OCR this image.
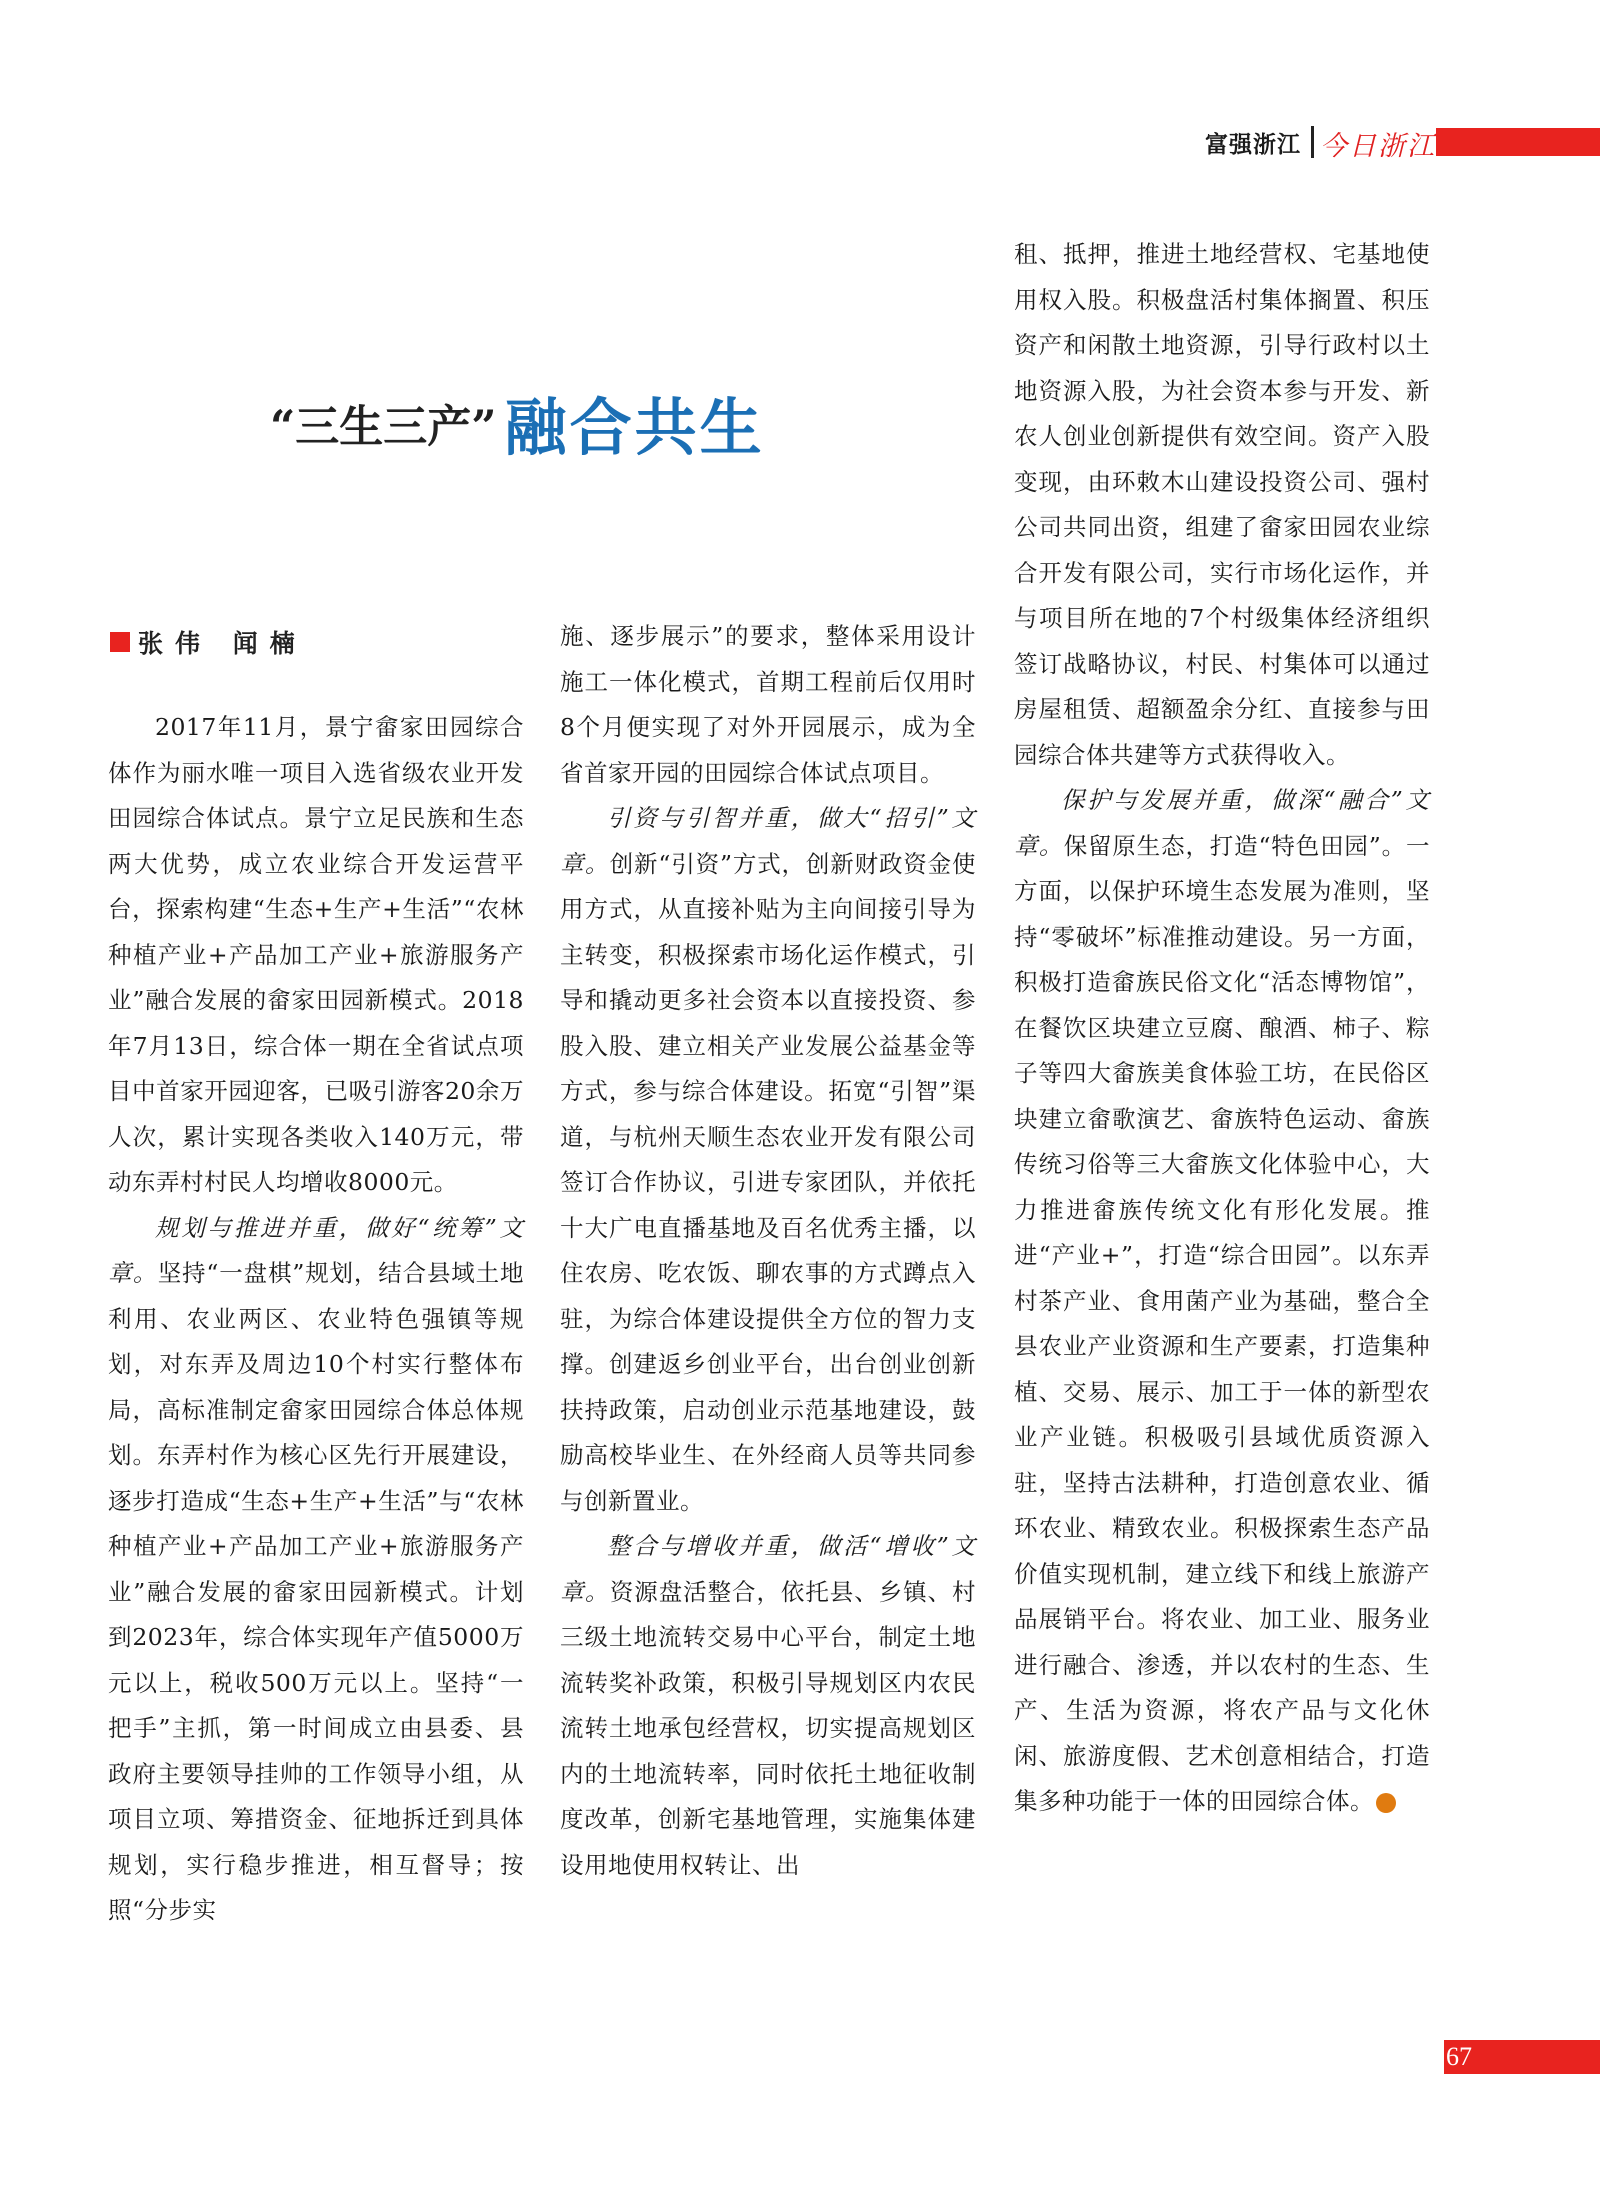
富强浙江 今日浙江
“三生三产” 融合共生
张伟 闻楠

2017年11月，景宁畲家田园综合体作为丽水唯一项目入选省级农业开发田园综合体试点。景宁立足民族和生态两大优势，成立农业综合开发运营平台，探索构建“生态+生产+生活”“农林种植产业+产品加工产业+旅游服务产业”融合发展的畲家田园新模式。2018年7月13日，综合体一期在全省试点项目中首家开园迎客，已吸引游客20余万人次，累计实现各类收入140万元，带动东弄村村民人均增收8000元。

规划与推进并重，做好“统筹”文章。坚持“一盘棋”规划，结合县域土地利用、农业两区、农业特色强镇等规划，对东弄及周边10个村实行整体布局，高标准制定畲家田园综合体总体规划。东弄村作为核心区先行开展建设，逐步打造成“生态+生产+生活”与“农林种植产业+产品加工产业+旅游服务产业”融合发展的畲家田园新模式。计划到2023年，综合体实现年产值5000万元以上，税收500万元以上。坚持“一把手”主抓，第一时间成立由县委、县政府主要领导挂帅的工作领导小组，从项目立项、筹措资金、征地拆迁到具体规划，实行稳步推进，相互督导；按照“分步实

施、逐步展示”的要求，整体采用设计施工一体化模式，首期工程前后仅用时8个月便实现了对外开园展示，成为全省首家开园的田园综合体试点项目。

引资与引智并重，做大“招引”文章。创新“引资”方式，创新财政资金使用方式，从直接补贴为主向间接引导为主转变，积极探索市场化运作模式，引导和撬动更多社会资本以直接投资、参股入股、建立相关产业发展公益基金等方式，参与综合体建设。拓宽“引智”渠道，与杭州天顺生态农业开发有限公司签订合作协议，引进专家团队，并依托十大广电直播基地及百名优秀主播，以住农房、吃农饭、聊农事的方式蹲点入驻，为综合体建设提供全方位的智力支撑。创建返乡创业平台，出台创业创新扶持政策，启动创业示范基地建设，鼓励高校毕业生、在外经商人员等共同参与创新置业。

整合与增收并重，做活“增收”文章。资源盘活整合，依托县、乡镇、村三级土地流转交易中心平台，制定土地流转奖补政策，积极引导规划区内农民流转土地承包经营权，切实提高规划区内的土地流转率，同时依托土地征收制度改革，创新宅基地管理，实施集体建设用地使用权转让、出

租、抵押，推进土地经营权、宅基地使用权入股。积极盘活村集体搁置、积压资产和闲散土地资源，引导行政村以土地资源入股，为社会资本参与开发、新农人创业创新提供有效空间。资产入股变现，由环敕木山建设投资公司、强村公司共同出资，组建了畲家田园农业综合开发有限公司，实行市场化运作，并与项目所在地的7个村级集体经济组织签订战略协议，村民、村集体可以通过房屋租赁、超额盈余分红、直接参与田园综合体共建等方式获得收入。

保护与发展并重，做深“融合”文章。保留原生态，打造“特色田园”。一方面，以保护环境生态发展为准则，坚持“零破坏”标准推动建设。另一方面，积极打造畲族民俗文化“活态博物馆”，在餐饮区块建立豆腐、酿酒、柿子、粽子等四大畲族美食体验工坊，在民俗区块建立畲歌演艺、畲族特色运动、畲族传统习俗等三大畲族文化体验中心，大力推进畲族传统文化有形化发展。推进“产业+”，打造“综合田园”。以东弄村茶产业、食用菌产业为基础，整合全县农业产业资源和生产要素，打造集种植、交易、展示、加工于一体的新型农业产业链。积极吸引县域优质资源入驻，坚持古法耕种，打造创意农业、循环农业、精致农业。积极探索生态产品价值实现机制，建立线下和线上旅游产品展销平台。将农业、加工业、服务业进行融合、渗透，并以农村的生态、生产、生活为资源，将农产品与文化休闲、旅游度假、艺术创意相结合，打造集多种功能于一体的田园综合体。

67
